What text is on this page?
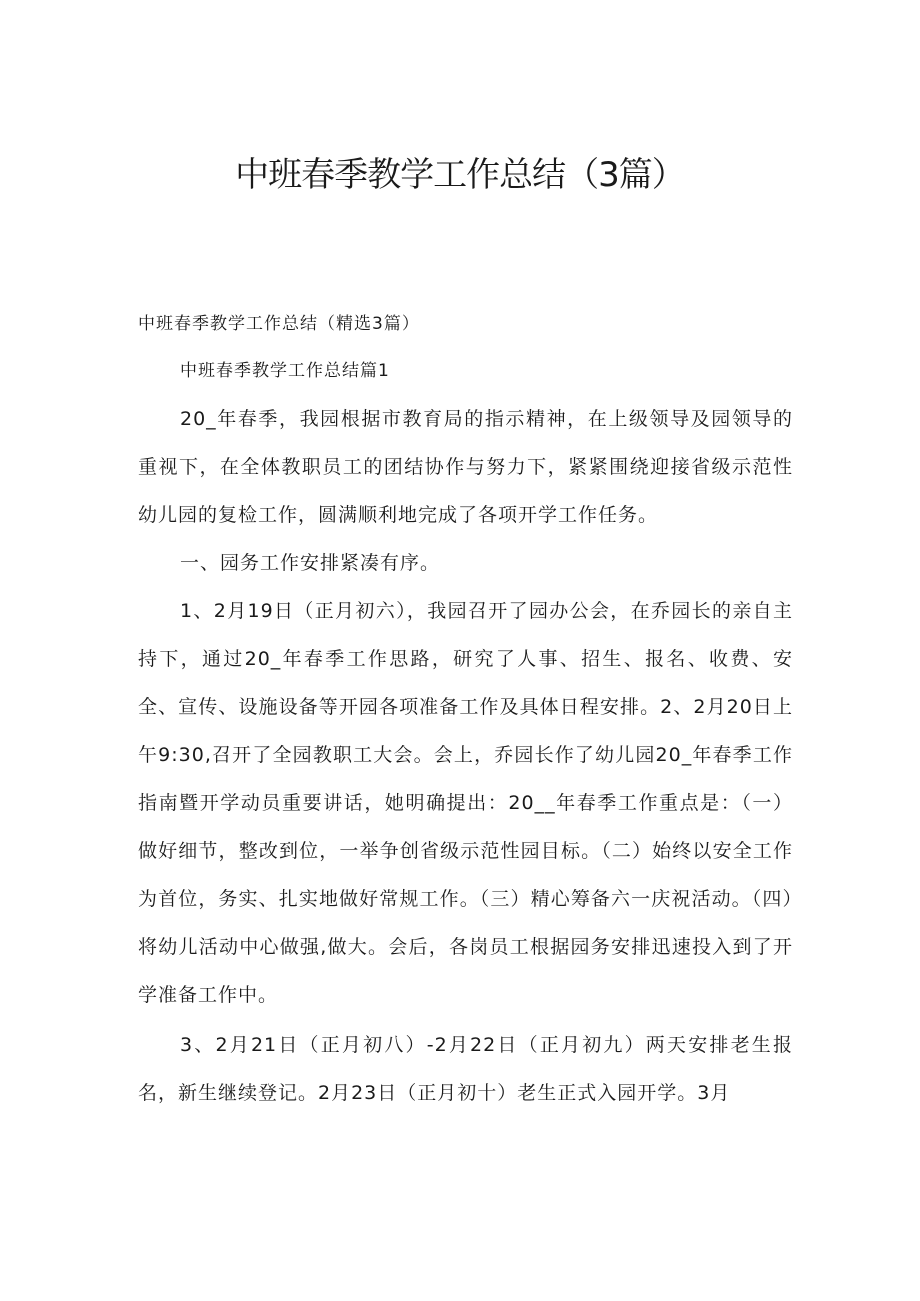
中班春季教学工作总结（3篇）

中班春季教学工作总结（精选3篇）

中班春季教学工作总结篇1

20_年春季，我园根据市教育局的指示精神，在上级领导及园领导的重视下，在全体教职员工的团结协作与努力下，紧紧围绕迎接省级示范性幼儿园的复检工作，圆满顺利地完成了各项开学工作任务。

一、园务工作安排紧凑有序。

1、2月19日（正月初六），我园召开了园办公会，在乔园长的亲自主持下，通过20_年春季工作思路，研究了人事、招生、报名、收费、安全、宣传、设施设备等开园各项准备工作及具体日程安排。2、2月20日上午9:30,召开了全园教职工大会。会上，乔园长作了幼儿园20_年春季工作指南暨开学动员重要讲话，她明确提出：20__年春季工作重点是：（一）做好细节，整改到位，一举争创省级示范性园目标。（二）始终以安全工作为首位，务实、扎实地做好常规工作。（三）精心筹备六一庆祝活动。（四）将幼儿活动中心做强,做大。会后，各岗员工根据园务安排迅速投入到了开学准备工作中。

3、2月21日（正月初八）-2月22日（正月初九）两天安排老生报名，新生继续登记。2月23日（正月初十）老生正式入园开学。3月
